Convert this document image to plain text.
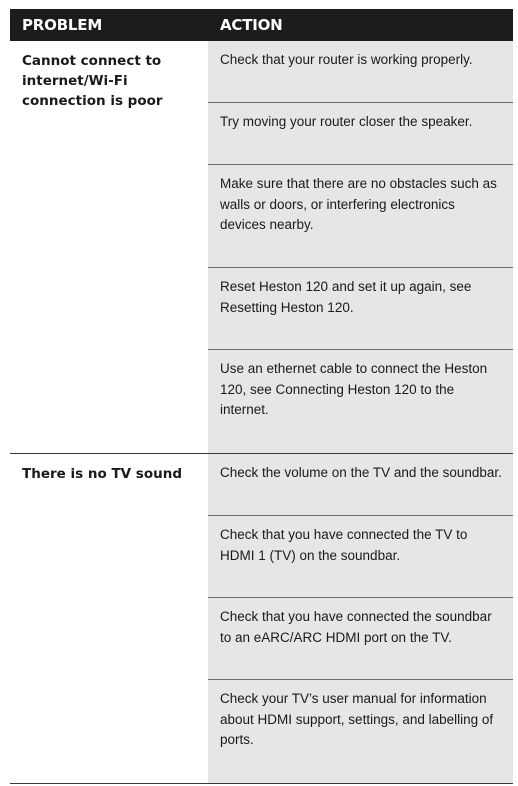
PROBLEM	ACTION
Cannot connect to internet/Wi-Fi connection is poor
Check that your router is working properly.
Try moving your router closer the speaker.
Make sure that there are no obstacles such as walls or doors, or interfering electronics devices nearby.
Reset Heston 120 and set it up again, see Resetting Heston 120.
Use an ethernet cable to connect the Heston 120, see Connecting Heston 120 to the internet.
There is no TV sound	Check the volume on the TV and the soundbar.
Check that you have connected the TV to HDMI 1 (TV) on the soundbar.
Check that you have connected the soundbar to an eARC/ARC HDMI port on the TV.
Check your TV’s user manual for information about HDMI support, settings, and labelling of ports.
